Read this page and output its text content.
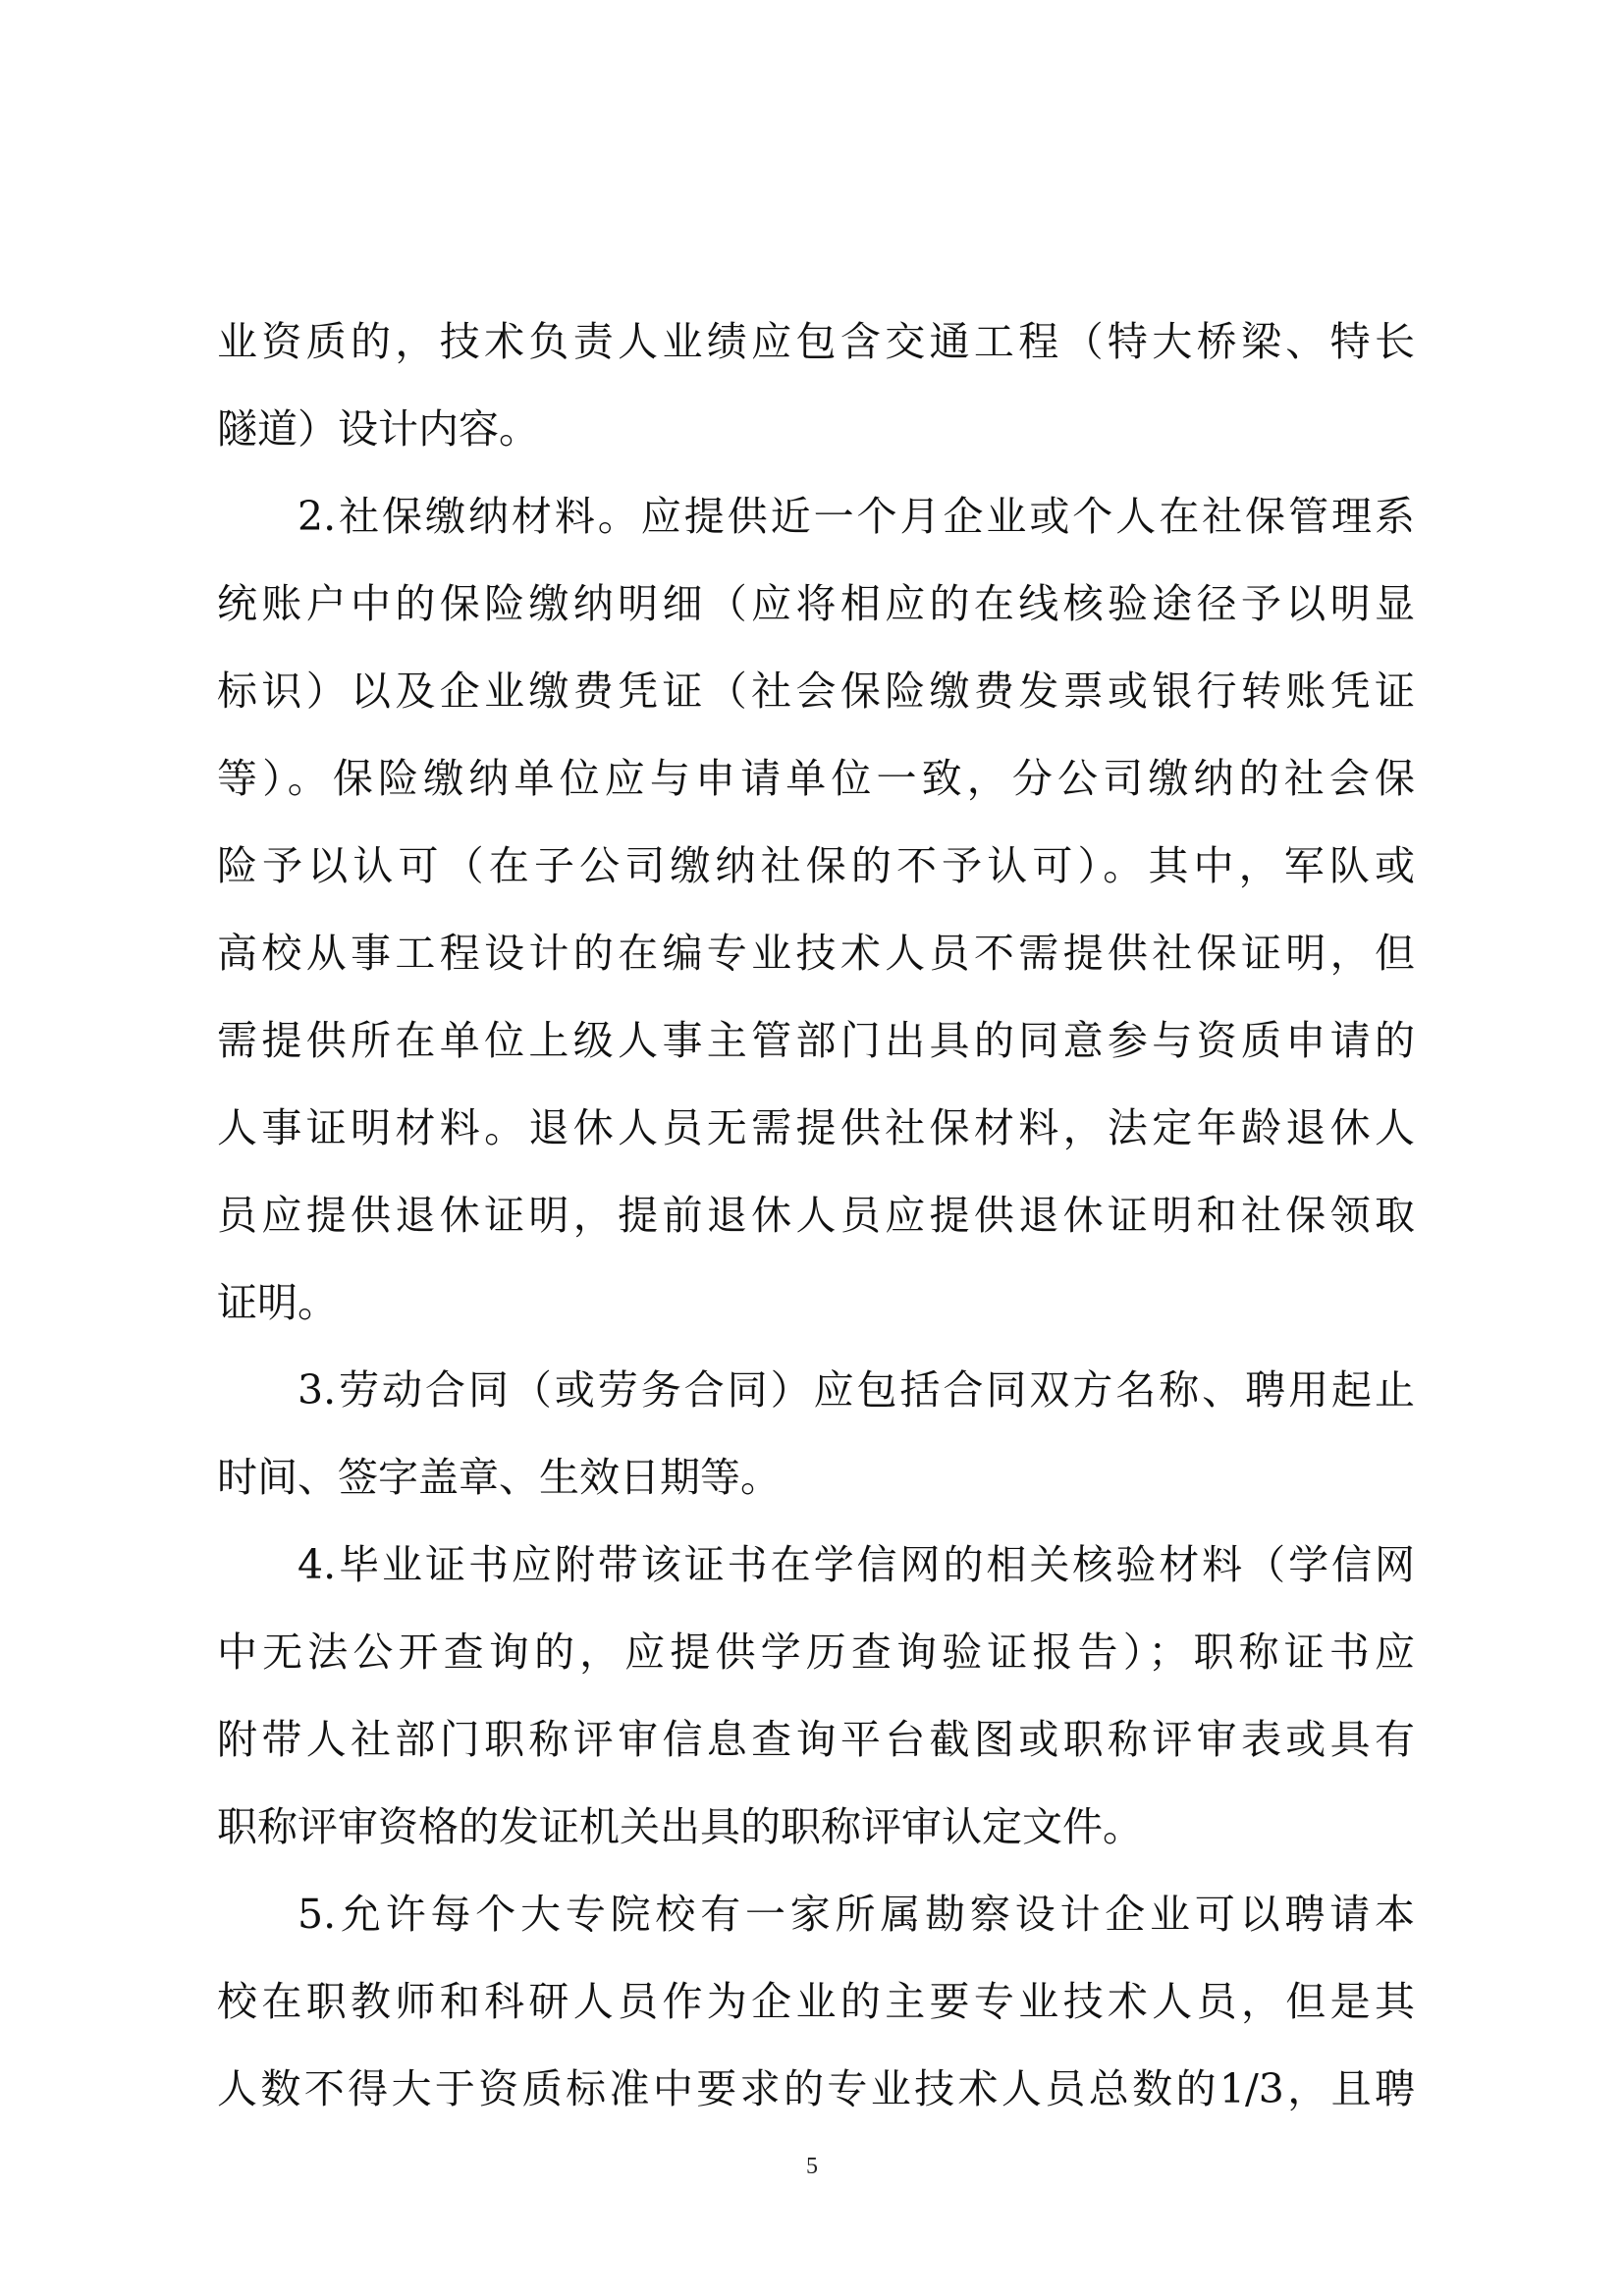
业资质的，技术负责人业绩应包含交通工程（特大桥梁、特长
隧道）设计内容。
2.社保缴纳材料。应提供近一个月企业或个人在社保管理系
统账户中的保险缴纳明细（应将相应的在线核验途径予以明显
标识）以及企业缴费凭证（社会保险缴费发票或银行转账凭证
等）。保险缴纳单位应与申请单位一致，分公司缴纳的社会保
险予以认可（在子公司缴纳社保的不予认可）。其中，军队或
高校从事工程设计的在编专业技术人员不需提供社保证明，但
需提供所在单位上级人事主管部门出具的同意参与资质申请的
人事证明材料。退休人员无需提供社保材料，法定年龄退休人
员应提供退休证明，提前退休人员应提供退休证明和社保领取
证明。
3.劳动合同（或劳务合同）应包括合同双方名称、聘用起止
时间、签字盖章、生效日期等。
4.毕业证书应附带该证书在学信网的相关核验材料（学信网
中无法公开查询的，应提供学历查询验证报告）；职称证书应
附带人社部门职称评审信息查询平台截图或职称评审表或具有
职称评审资格的发证机关出具的职称评审认定文件。
5.允许每个大专院校有一家所属勘察设计企业可以聘请本
校在职教师和科研人员作为企业的主要专业技术人员，但是其
人数不得大于资质标准中要求的专业技术人员总数的1/3，且聘
5
